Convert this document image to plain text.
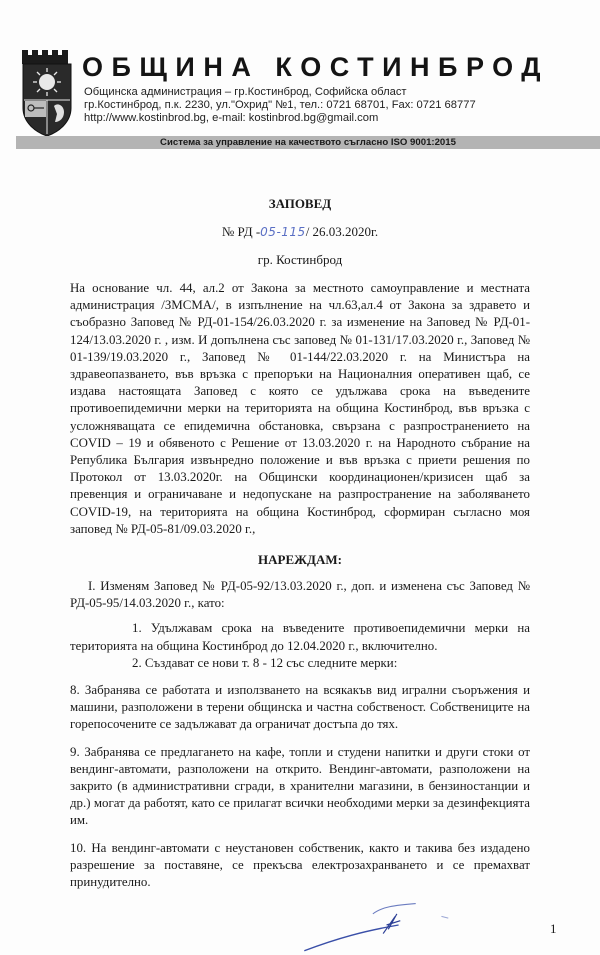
ОБЩИНА КОСТИНБРОД
Общинска администрация – гр.Костинброд, Софийска област
гр.Костинброд, п.к. 2230, ул."Охрид" №1, тел.: 0721 68701, Fax: 0721 68777
http://www.kostinbrod.bg, e-mail: kostinbrod.bg@gmail.com
Система за управление на качеството съгласно ISO 9001:2015
ЗАПОВЕД
№ РД -05-115/ 26.03.2020г.
гр. Костинброд
На основание чл. 44, ал.2 от Закона за местното самоуправление и местната администрация /ЗМСМА/, в изпълнение на чл.63,ал.4 от Закона за здравето и съобразно Заповед № РД-01-154/26.03.2020 г. за изменение на Заповед № РД-01-124/13.03.2020 г. , изм. И допълнена със заповед № 01-131/17.03.2020 г., Заповед № 01-139/19.03.2020 г., Заповед № 01-144/22.03.2020 г. на Министъра на здравеопазването, във връзка с препоръки на Националния оперативен щаб, се издава настоящата Заповед с която се удължава срока на въведените противоепидемични мерки на територията на община Костинброд, във връзка с усложняващата се епидемична обстановка, свързана с разпространението на COVID – 19 и обявеното с Решение от 13.03.2020 г. на Народното събрание на Република България извънредно положение и във връзка с приети решения по Протокол от 13.03.2020г. на Общински координационен/кризисен щаб за превенция и ограничаване и недопускане на разпространение на заболяването COVID-19, на територията на община Костинброд, сформиран съгласно моя заповед № РД-05-81/09.03.2020 г.,
НАРЕЖДАМ:
I. Изменям Заповед № РД-05-92/13.03.2020 г., доп. и изменена със Заповед № РД-05-95/14.03.2020 г., като:
1. Удължавам срока на въведените противоепидемични мерки на територията на община Костинброд до 12.04.2020 г., включително.
2. Създават се нови т. 8 - 12 със следните мерки:
8. Забранява се работата и използването на всякакъв вид игрални съоръжения и машини, разположени в терени общинска и частна собственост. Собствениците на горепосочените се задължават да ограничат достъпа до тях.
9. Забранява се предлагането на кафе, топли и студени напитки и други стоки от вендинг-автомати, разположени на открито. Вендинг-автомати, разположени на закрито (в административни сгради, в хранителни магазини, в бензиностанции и др.) могат да работят, като се прилагат всички необходими мерки за дезинфекцията им.
10. На вендинг-автомати с неустановен собственик, както и такива без издадено разрешение за поставяне, се прекъсва електрозахранването и се премахват принудително.
1
